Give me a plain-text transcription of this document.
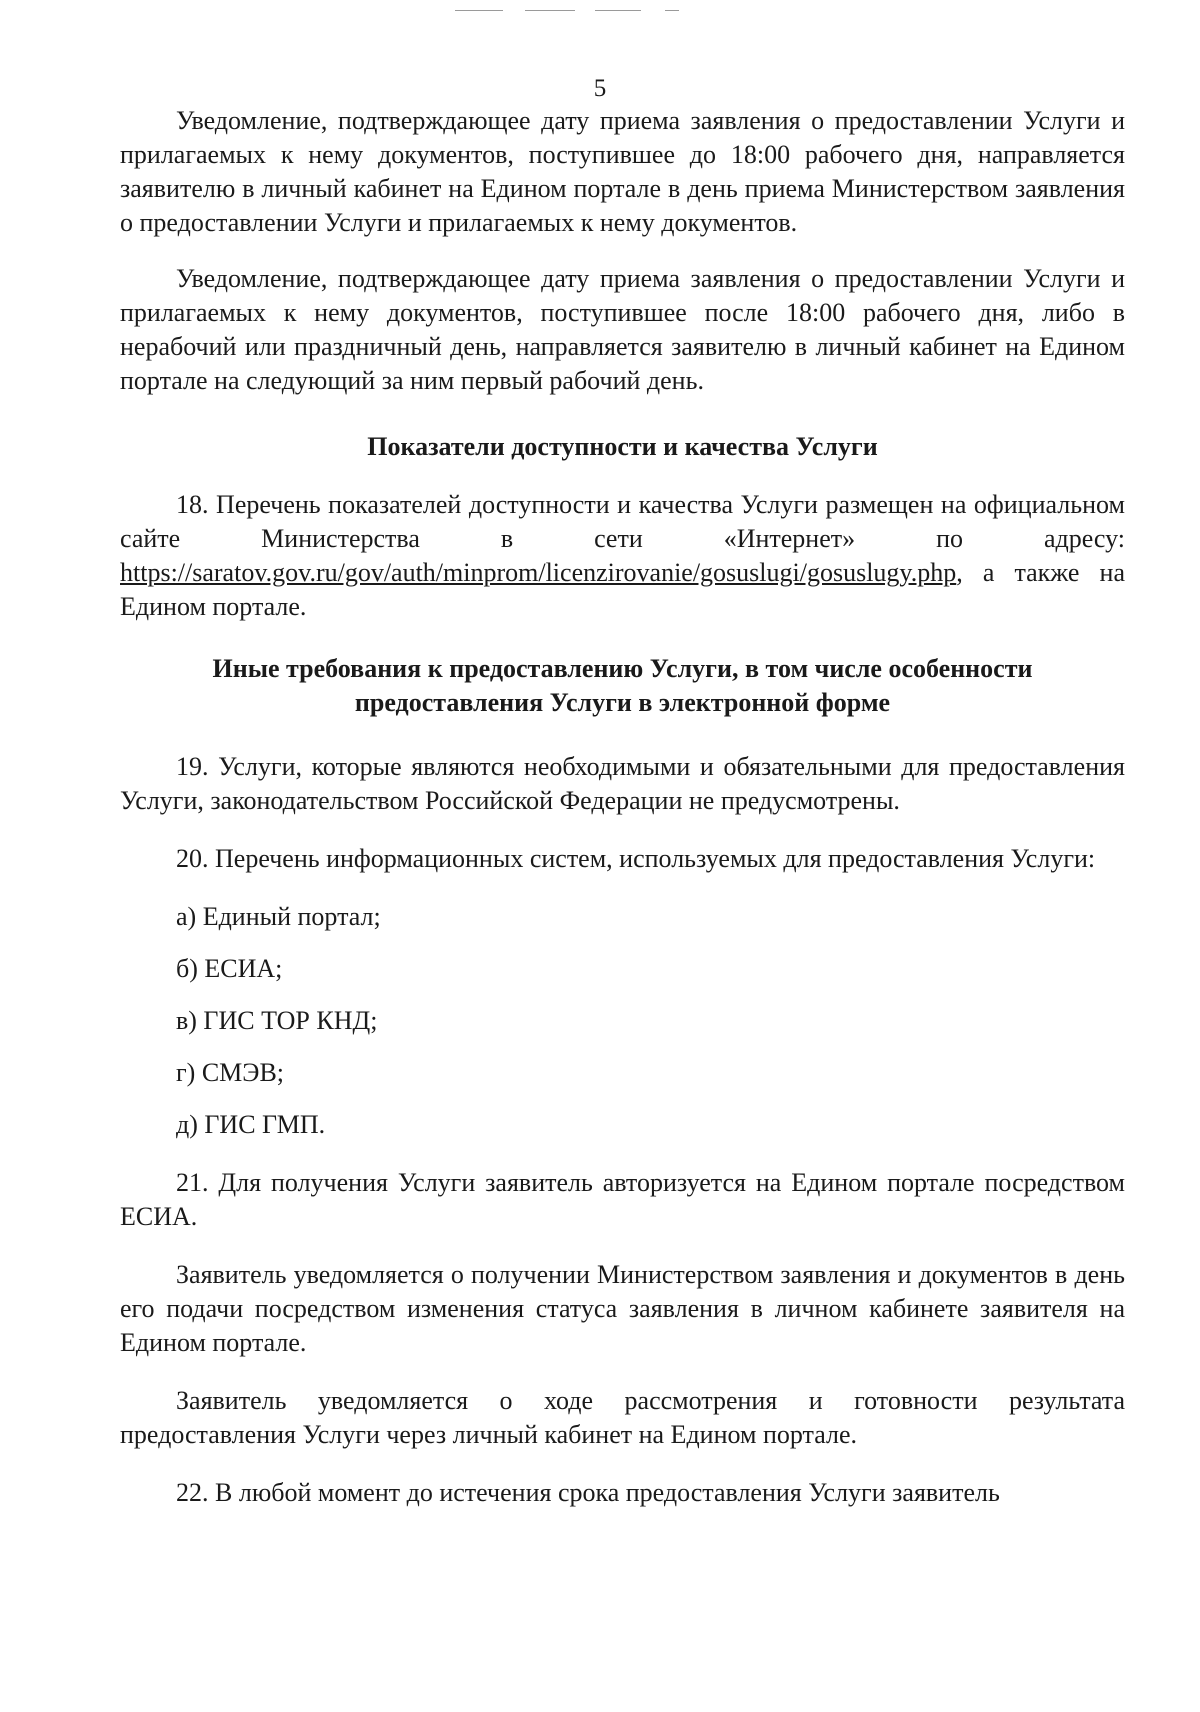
5

Уведомление, подтверждающее дату приема заявления о предоставлении Услуги и прилагаемых к нему документов, поступившее до 18:00 рабочего дня, направляется заявителю в личный кабинет на Едином портале в день приема Министерством заявления о предоставлении Услуги и прилагаемых к нему документов.

Уведомление, подтверждающее дату приема заявления о предоставлении Услуги и прилагаемых к нему документов, поступившее после 18:00 рабочего дня, либо в нерабочий или праздничный день, направляется заявителю в личный кабинет на Едином портале на следующий за ним первый рабочий день.

Показатели доступности и качества Услуги

18. Перечень показателей доступности и качества Услуги размещен на официальном сайте Министерства в сети «Интернет» по адресу: https://saratov.gov.ru/gov/auth/minprom/licenzirovanie/gosuslugi/gosuslugy.php, а также на Едином портале.

Иные требования к предоставлению Услуги, в том числе особенности
предоставления Услуги в электронной форме

19. Услуги, которые являются необходимыми и обязательными для предоставления Услуги, законодательством Российской Федерации не предусмотрены.

20. Перечень информационных систем, используемых для предоставления Услуги:

а) Единый портал;

б) ЕСИА;

в) ГИС ТОР КНД;

г) СМЭВ;

д) ГИС ГМП.

21. Для получения Услуги заявитель авторизуется на Едином портале посредством ЕСИА.

Заявитель уведомляется о получении Министерством заявления и документов в день его подачи посредством изменения статуса заявления в личном кабинете заявителя на Едином портале.

Заявитель уведомляется о ходе рассмотрения и готовности результата предоставления Услуги через личный кабинет на Едином портале.

22. В любой момент до истечения срока предоставления Услуги заявитель
